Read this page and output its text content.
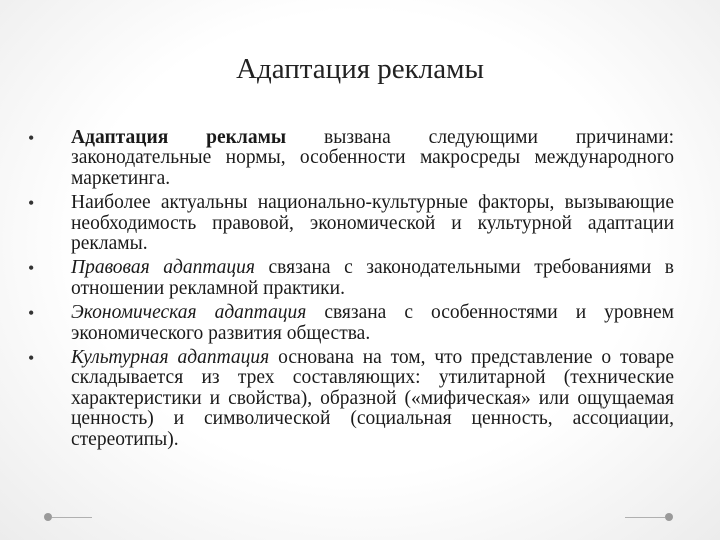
Адаптация рекламы
• Адаптация рекламы вызвана следующими причинами: законодательные нормы, особенности макросреды международного маркетинга.
• Наиболее актуальны национально-культурные факторы, вызывающие необходимость правовой, экономической и культурной адаптации рекламы.
• Правовая адаптация связана с законодательными требованиями в отношении рекламной практики.
• Экономическая адаптация связана с особенностями и уровнем экономического развития общества.
• Культурная адаптация основана на том, что представление о товаре складывается из трех составляющих: утилитарной (технические характеристики и свойства), образной («мифическая» или ощущаемая ценность) и символической (социальная ценность, ассоциации, стереотипы).
